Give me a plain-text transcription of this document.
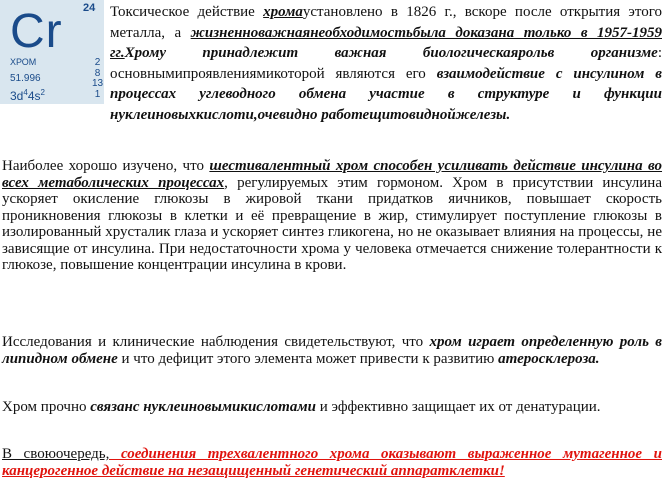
24
Cr
ХРОМ
51.996
$3d^44s^2$
2
8
13
1

Токсическое действие хромаустановлено в 1826 г., вскоре после открытия этого металла, а жизненноважнаянеобходимостьбыла доказана только в 1957-1959 гг.Хрому принадлежит важная биологическаярольв организме: основнымипроявлениямикоторой являются его взаимодействие с инсулином в процессах углеводного обмена участие в структуре и функции нуклеиновыхкислоти,очевидно работещитовиднойжелезы.

Наиболее хорошо изучено, что шестивалентный хром способен усиливать действие инсулина во всех метаболических процессах, регулируемых этим гормоном. Хром в присутствии инсулина ускоряет окисление глюкозы в жировой ткани придатков яичников, повышает скорость проникновения глюкозы в клетки и её превращение в жир, стимулирует поступление глюкозы в изолированный хрусталик глаза и ускоряет синтез гликогена, но не оказывает влияния на процессы, не зависящие от инсулина. При недостаточности хрома у человека отмечается снижение толерантности к глюкозе, повышение концентрации инсулина в крови.

Исследования и клинические наблюдения свидетельствуют, что хром играет определенную роль в липидном обмене и что дефицит этого элемента может привести к развитию атеросклероза.

Хром прочно связанс нуклеиновымикислотами и эффективно защищает их от денатурации.

В своюочередь, соединения трехвалентного хрома оказывают выраженное мутагенное и канцерогенное действие на незащищенный генетический аппаратклетки!
